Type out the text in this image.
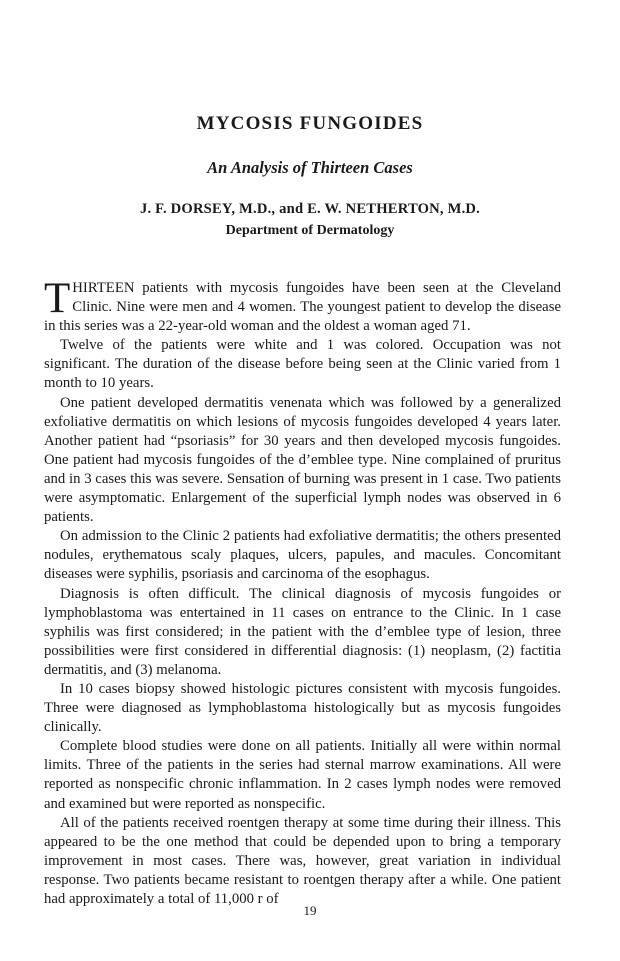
MYCOSIS FUNGOIDES
An Analysis of Thirteen Cases
J. F. DORSEY, M.D., and E. W. NETHERTON, M.D.
Department of Dermatology

THIRTEEN patients with mycosis fungoides have been seen at the Cleveland Clinic. Nine were men and 4 women. The youngest patient to develop the disease in this series was a 22-year-old woman and the oldest a woman aged 71.

Twelve of the patients were white and 1 was colored. Occupation was not significant. The duration of the disease before being seen at the Clinic varied from 1 month to 10 years.

One patient developed dermatitis venenata which was followed by a generalized exfoliative dermatitis on which lesions of mycosis fungoides developed 4 years later. Another patient had “psoriasis” for 30 years and then developed mycosis fungoides. One patient had mycosis fungoides of the d’emblee type. Nine complained of pruritus and in 3 cases this was severe. Sensation of burning was present in 1 case. Two patients were asymptomatic. Enlargement of the superficial lymph nodes was observed in 6 patients.

On admission to the Clinic 2 patients had exfoliative dermatitis; the others presented nodules, erythematous scaly plaques, ulcers, papules, and macules. Concomitant diseases were syphilis, psoriasis and carcinoma of the esophagus.

Diagnosis is often difficult. The clinical diagnosis of mycosis fungoides or lymphoblastoma was entertained in 11 cases on entrance to the Clinic. In 1 case syphilis was first considered; in the patient with the d’emblee type of lesion, three possibilities were first considered in differential diagnosis: (1) neoplasm, (2) factitia dermatitis, and (3) melanoma.

In 10 cases biopsy showed histologic pictures consistent with mycosis fungoides. Three were diagnosed as lymphoblastoma histologically but as mycosis fungoides clinically.

Complete blood studies were done on all patients. Initially all were within normal limits. Three of the patients in the series had sternal marrow examinations. All were reported as nonspecific chronic inflammation. In 2 cases lymph nodes were removed and examined but were reported as nonspecific.

All of the patients received roentgen therapy at some time during their illness. This appeared to be the one method that could be depended upon to bring a temporary improvement in most cases. There was, however, great variation in individual response. Two patients became resistant to roentgen therapy after a while. One patient had approximately a total of 11,000 r of

19
